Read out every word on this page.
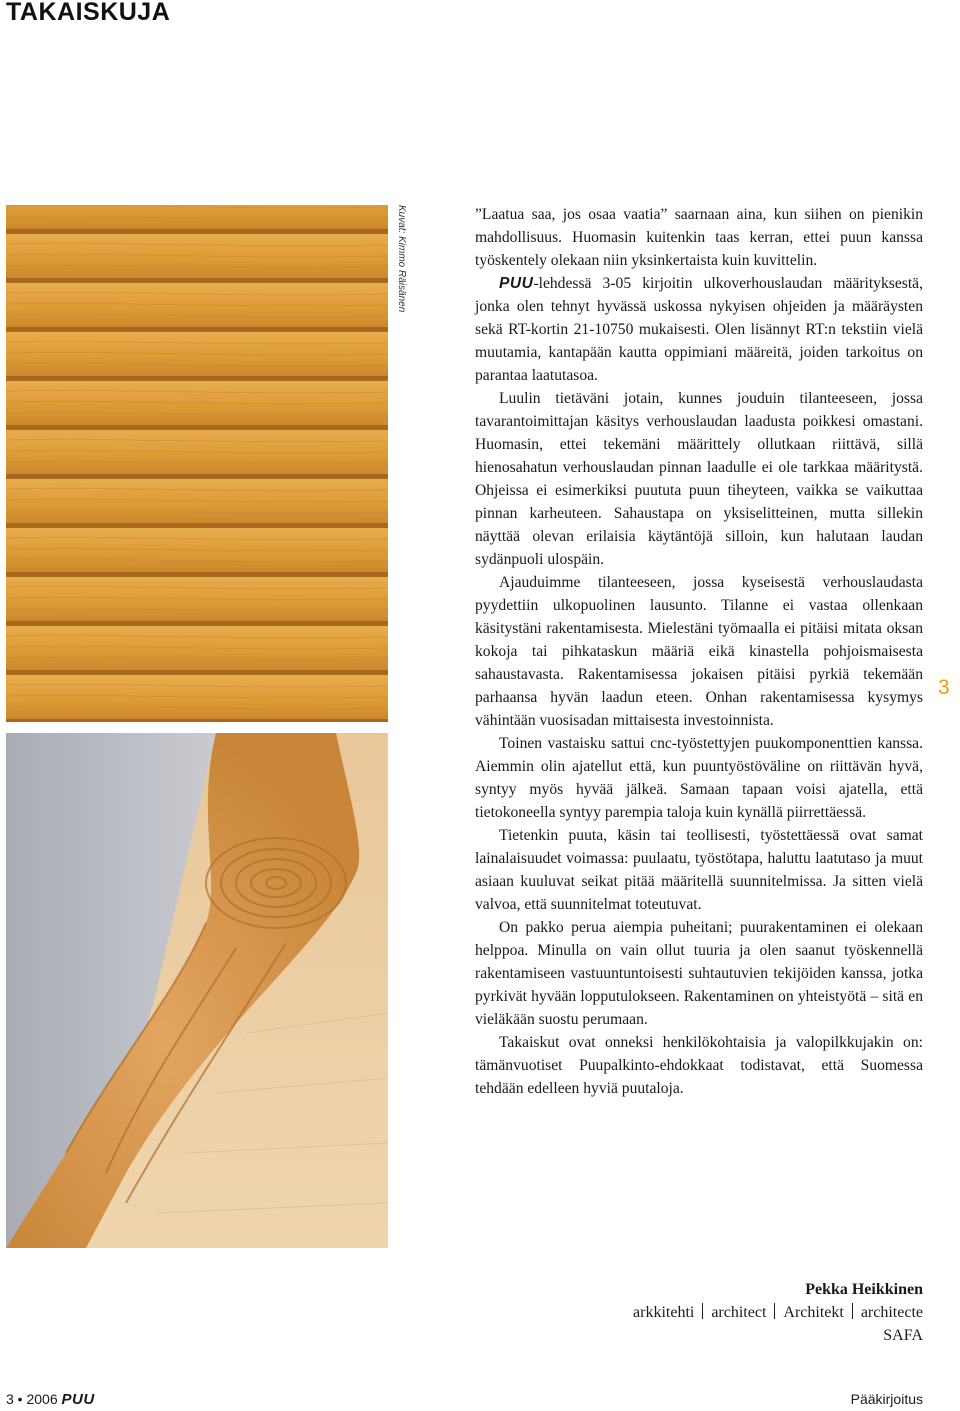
TAKAISKUJA
Kuvat: Kimmo Räisänen	”Laatua saa, jos osaa vaatia” saarnaan aina, kun siihen on pienikin mahdollisuus. Huomasin kuitenkin taas kerran, ettei puun kanssa työskentely olekaan niin yksinkertaista kuin kuvittelin.

PUU-lehdessä 3-05 kirjoitin ulkoverhouslaudan määrityksestä, jonka olen tehnyt hyvässä uskossa nykyisen ohjeiden ja määräysten sekä RT-kortin 21-10750 mukaisesti. Olen lisännyt RT:n tekstiin vielä muutamia, kantapään kautta oppimiani määreitä, joiden tarkoitus on parantaa laatutasoa.

Luulin tietäväni jotain, kunnes jouduin tilanteeseen, jossa tavarantoimittajan käsitys verhouslaudan laadusta poikkesi omastani. Huomasin, ettei tekemäni määrittely ollutkaan riittävä, sillä hienosahatun verhouslaudan pinnan laadulle ei ole tarkkaa määritystä. Ohjeissa ei esimerkiksi puututa puun tiheyteen, vaikka se vaikuttaa pinnan karheuteen. Sahaustapa on yksiselitteinen, mutta sillekin näyttää olevan erilaisia käytäntöjä silloin, kun halutaan laudan sydänpuoli ulospäin.

Ajauduimme tilanteeseen, jossa kyseisestä verhouslaudasta pyydettiin ulkopuolinen lausunto. Tilanne ei vastaa ollenkaan käsitystäni rakentamisesta. Mielestäni työmaalla ei pitäisi mitata oksan kokoja tai pihkataskun määriä eikä kinastella pohjoismaisesta sahaustavasta. Rakentamisessa jokaisen pitäisi pyrkiä tekemään parhaansa hyvän laadun eteen. Onhan rakentamisessa kysymys vähintään vuosisadan mittaisesta investoinnista.

Toinen vastaisku sattui cnc-työstettyjen puukomponenttien kanssa. Aiemmin olin ajatellut että, kun puuntyöstöväline on riittävän hyvä, syntyy myös hyvää jälkeä. Samaan tapaan voisi ajatella, että tietokoneella syntyy parempia taloja kuin kynällä piirrettäessä.

Tietenkin puuta, käsin tai teollisesti, työstettäessä ovat samat lainalaisuudet voimassa: puulaatu, työstötapa, haluttu laatutaso ja muut asiaan kuuluvat seikat pitää määritellä suunnitelmissa. Ja sitten vielä valvoa, että suunnitelmat toteutuvat.

On pakko perua aiempia puheitani; puurakentaminen ei olekaan helppoa. Minulla on vain ollut tuuria ja olen saanut työskennellä rakentamiseen vastuuntuntoisesti suhtautuvien tekijöiden kanssa, jotka pyrkivät hyvään lopputulokseen. Rakentaminen on yhteistyötä – sitä en vieläkään suostu perumaan.

Takaiskut ovat onneksi henkilökohtaisia ja valopilkkujakin on: tämänvuotiset Puupalkinto-ehdokkaat todistavat, että Suomessa tehdään edelleen hyviä puutaloja.

3
Pekka Heikkinen
arkkitehti architect Architekt architecte
SAFA
3 • 2006 PUU	Pääkirjoitus
